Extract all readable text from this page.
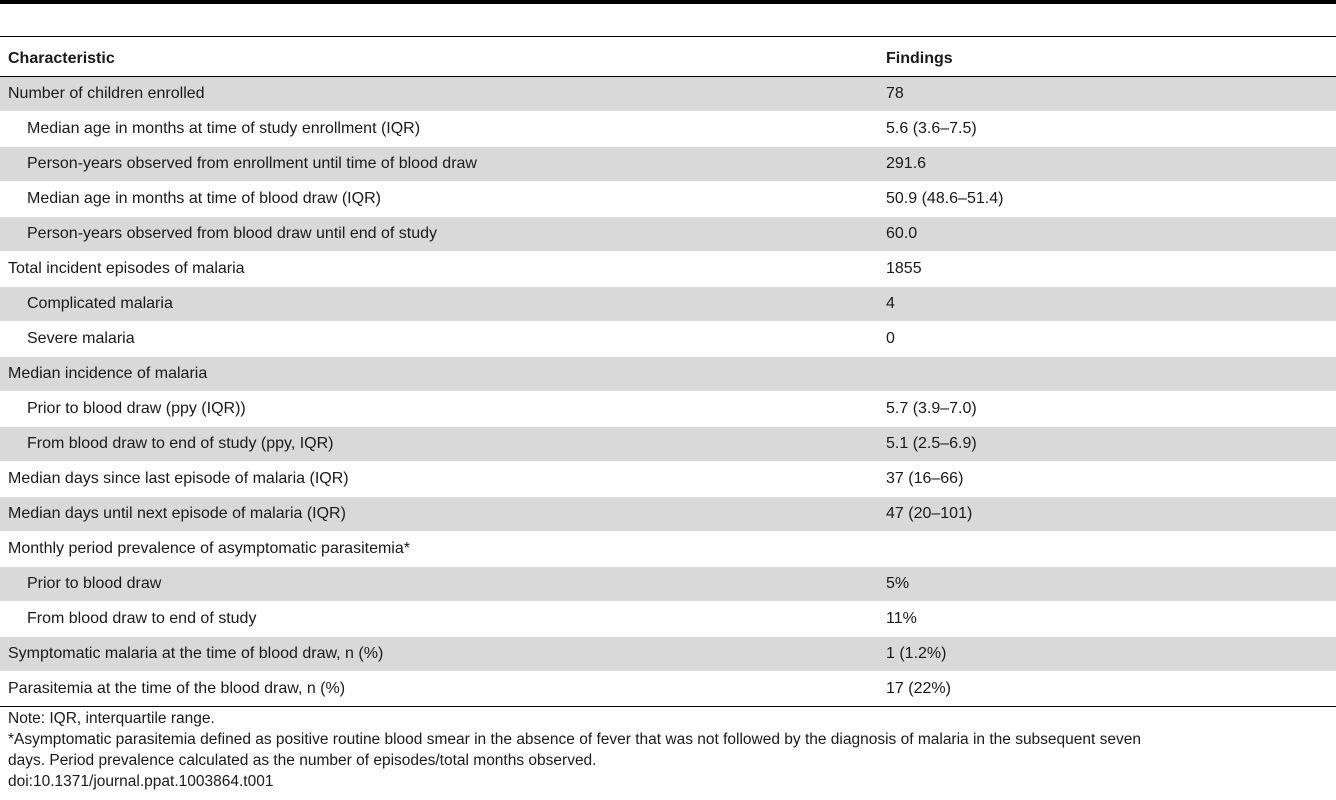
Characteristic	Findings
Number of children enrolled	78
Median age in months at time of study enrollment (IQR)	5.6 (3.6–7.5)
Person-years observed from enrollment until time of blood draw	291.6
Median age in months at time of blood draw (IQR)	50.9 (48.6–51.4)
Person-years observed from blood draw until end of study	60.0
Total incident episodes of malaria	1855
Complicated malaria	4
Severe malaria	0
Median incidence of malaria	
Prior to blood draw (ppy (IQR))	5.7 (3.9–7.0)
From blood draw to end of study (ppy, IQR)	5.1 (2.5–6.9)
Median days since last episode of malaria (IQR)	37 (16–66)
Median days until next episode of malaria (IQR)	47 (20–101)
Monthly period prevalence of asymptomatic parasitemia*	
Prior to blood draw	5%
From blood draw to end of study	11%
Symptomatic malaria at the time of blood draw, n (%)	1 (1.2%)
Parasitemia at the time of the blood draw, n (%)	17 (22%)
Note: IQR, interquartile range.
*Asymptomatic parasitemia defined as positive routine blood smear in the absence of fever that was not followed by the diagnosis of malaria in the subsequent seven
days. Period prevalence calculated as the number of episodes/total months observed.
doi:10.1371/journal.ppat.1003864.t001
